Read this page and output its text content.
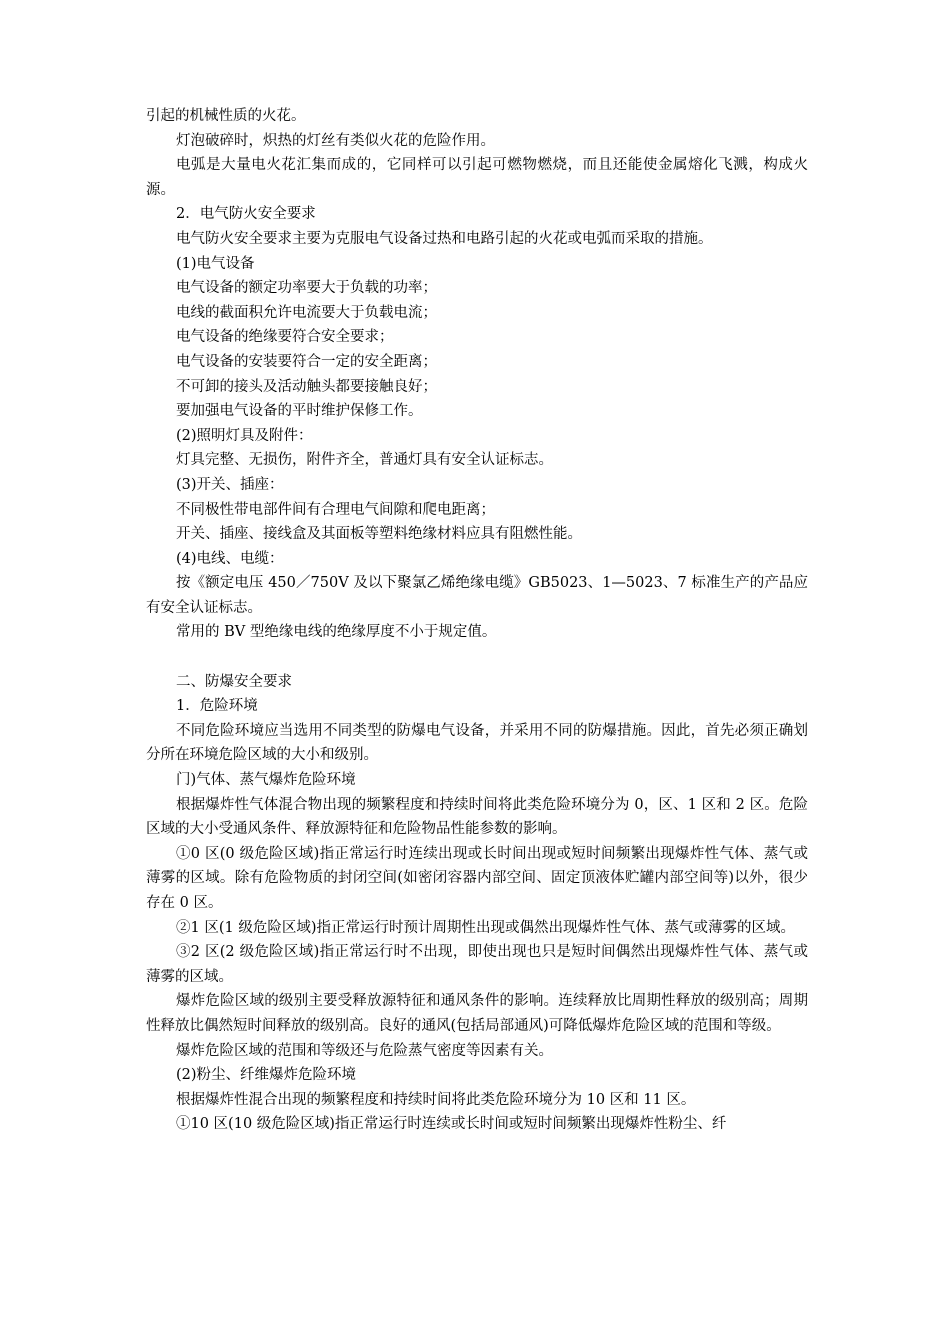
引起的机械性质的火花。

灯泡破碎时，炽热的灯丝有类似火花的危险作用。

电弧是大量电火花汇集而成的，它同样可以引起可燃物燃烧，而且还能使金属熔化飞溅，构成火源。

2．电气防火安全要求

电气防火安全要求主要为克服电气设备过热和电路引起的火花或电弧而采取的措施。

(1)电气设备

电气设备的额定功率要大于负载的功率；

电线的截面积允许电流要大于负载电流；

电气设备的绝缘要符合安全要求；

电气设备的安装要符合一定的安全距离；

不可卸的接头及活动触头都要接触良好；

要加强电气设备的平时维护保修工作。

(2)照明灯具及附件：

灯具完整、无损伤，附件齐全，普通灯具有安全认证标志。

(3)开关、插座：

不同极性带电部件间有合理电气间隙和爬电距离；

开关、插座、接线盒及其面板等塑料绝缘材料应具有阻燃性能。

(4)电线、电缆：

按《额定电压 450／750V 及以下聚氯乙烯绝缘电缆》GB5023、1—5023、7 标准生产的产品应有安全认证标志。

常用的 BV 型绝缘电线的绝缘厚度不小于规定值。

二、防爆安全要求

1．危险环境

不同危险环境应当选用不同类型的防爆电气设备，并采用不同的防爆措施。因此，首先必须正确划分所在环境危险区域的大小和级别。

门)气体、蒸气爆炸危险环境

根据爆炸性气体混合物出现的频繁程度和持续时间将此类危险环境分为 0，区、1 区和 2 区。危险区域的大小受通风条件、释放源特征和危险物品性能参数的影响。

①0 区(0 级危险区域)指正常运行时连续出现或长时间出现或短时间频繁出现爆炸性气体、蒸气或薄雾的区域。除有危险物质的封闭空间(如密闭容器内部空间、固定顶液体贮罐内部空间等)以外，很少存在 0 区。

②1 区(1 级危险区域)指正常运行时预计周期性出现或偶然出现爆炸性气体、蒸气或薄雾的区域。

③2 区(2 级危险区域)指正常运行时不出现，即使出现也只是短时间偶然出现爆炸性气体、蒸气或薄雾的区域。

爆炸危险区域的级别主要受释放源特征和通风条件的影响。连续释放比周期性释放的级别高；周期性释放比偶然短时间释放的级别高。良好的通风(包括局部通风)可降低爆炸危险区域的范围和等级。

爆炸危险区域的范围和等级还与危险蒸气密度等因素有关。

(2)粉尘、纤维爆炸危险环境

根据爆炸性混合出现的频繁程度和持续时间将此类危险环境分为 10 区和 11 区。

①10 区(10 级危险区域)指正常运行时连续或长时间或短时间频繁出现爆炸性粉尘、纤
